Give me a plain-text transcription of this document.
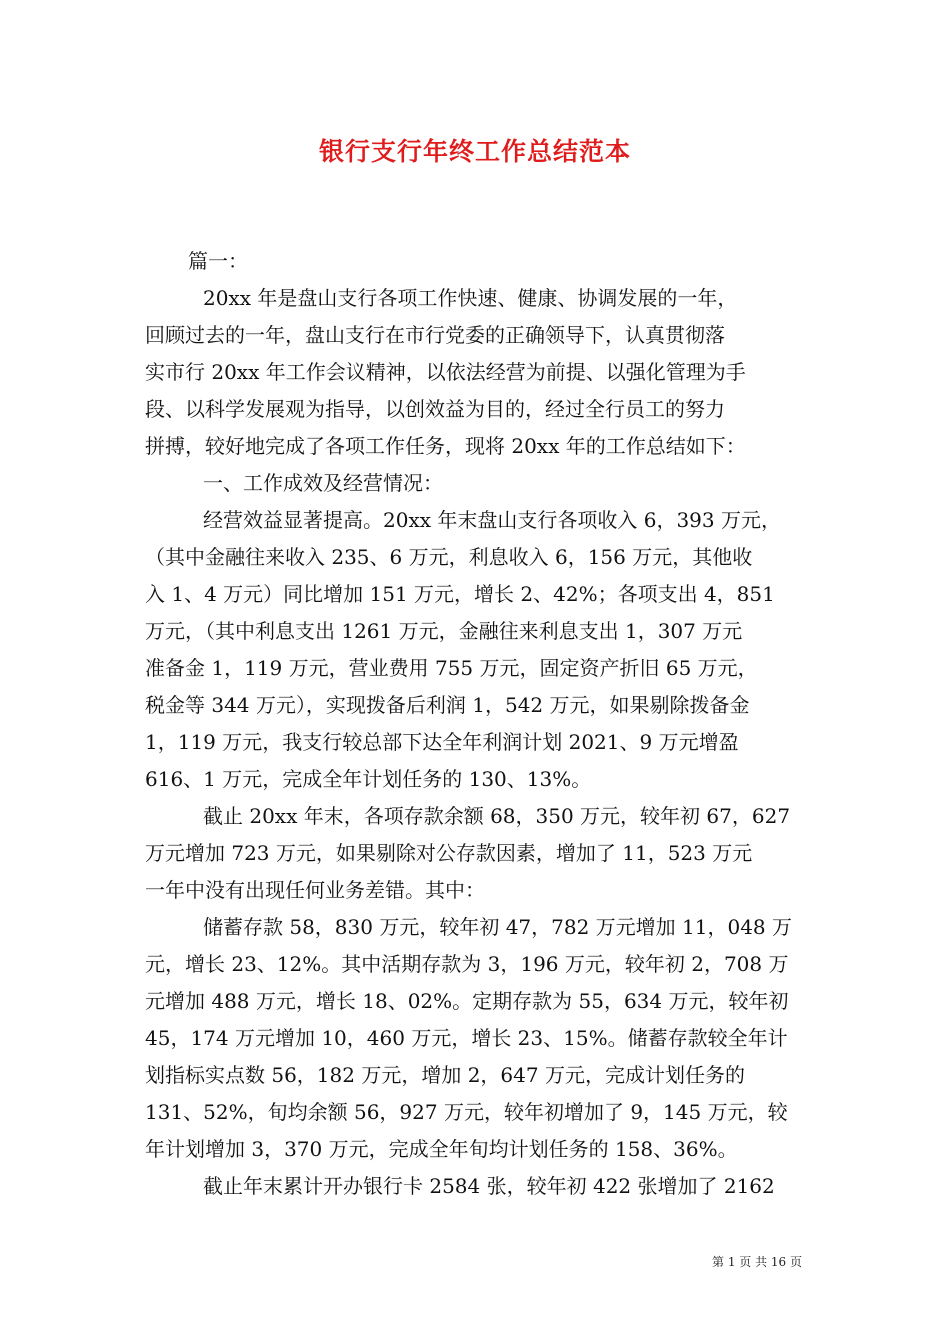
银行支行年终工作总结范本
篇一：
20xx 年是盘山支行各项工作快速、健康、协调发展的一年，
回顾过去的一年，盘山支行在市行党委的正确领导下，认真贯彻落
实市行 20xx 年工作会议精神，以依法经营为前提、以强化管理为手
段、以科学发展观为指导，以创效益为目的，经过全行员工的努力
拼搏，较好地完成了各项工作任务，现将 20xx 年的工作总结如下：
一、工作成效及经营情况：
经营效益显著提高。20xx 年末盘山支行各项收入 6，393 万元，
（其中金融往来收入 235、6 万元，利息收入 6，156 万元，其他收
入 1、4 万元）同比增加 151 万元，增长 2、42%；各项支出 4，851
万元，（其中利息支出 1261 万元，金融往来利息支出 1，307 万元
准备金 1，119 万元，营业费用 755 万元，固定资产折旧 65 万元，
税金等 344 万元），实现拨备后利润 1，542 万元，如果剔除拨备金
1，119 万元，我支行较总部下达全年利润计划 2021、9 万元增盈
616、1 万元，完成全年计划任务的 130、13%。
截止 20xx 年末，各项存款余额 68，350 万元，较年初 67，627
万元增加 723 万元，如果剔除对公存款因素，增加了 11，523 万元
一年中没有出现任何业务差错。其中：
储蓄存款 58，830 万元，较年初 47，782 万元增加 11，048 万
元，增长 23、12%。其中活期存款为 3，196 万元，较年初 2，708 万
元增加 488 万元，增长 18、02%。定期存款为 55，634 万元，较年初
45，174 万元增加 10，460 万元，增长 23、15%。储蓄存款较全年计
划指标实点数 56，182 万元，增加 2，647 万元，完成计划任务的
131、52%，旬均余额 56，927 万元，较年初增加了 9，145 万元，较
年计划增加 3，370 万元，完成全年旬均计划任务的 158、36%。
截止年末累计开办银行卡 2584 张，较年初 422 张增加了 2162
第 1 页 共 16 页
